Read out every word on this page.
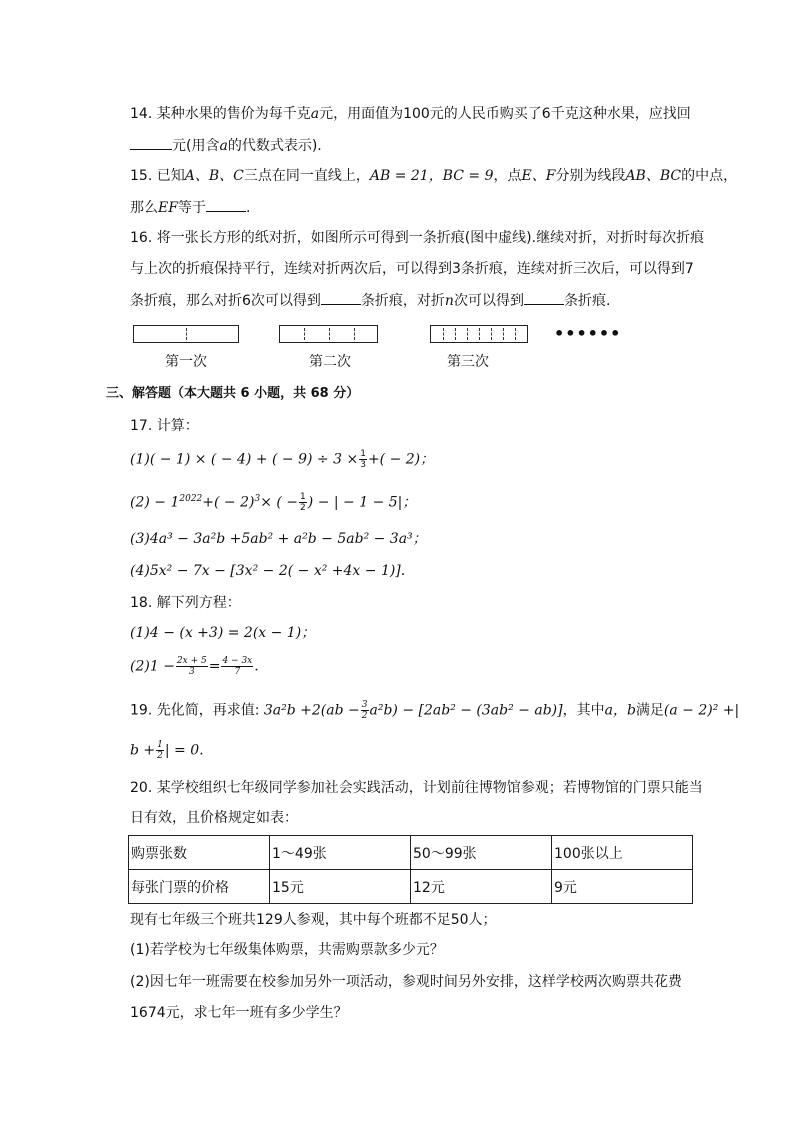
14. 某种水果的售价为每千克a元，用面值为100元的人民币购买了6千克这种水果，应找回
元(用含a的代数式表示).
15. 已知A、B、C三点在同一直线上，AB = 21，BC = 9，点E、F分别为线段AB、BC的中点，
那么EF等于	.
16. 将一张长方形的纸对折，如图所示可得到一条折痕(图中虚线).继续对折，对折时每次折痕
与上次的折痕保持平行，连续对折两次后，可以得到3条折痕，连续对折三次后，可以得到7
条折痕，那么对折6次可以得到	条折痕，对折n次可以得到	条折痕.
••••••
第一次	第二次	第三次
三、解答题（本大题共 6 小题，共 68 分）
17. 计算：
(1)( − 1) × ( − 4) + ( − $9) \div 3 \times \frac{1}{3}$ +( − 2)；
$(2) - 1^{2022}+( - 2)^3\times$ ( − $\frac{1}{2}$ ) − | − 1 − 5|；
(3)4a³ − 3a²b +5ab² + a²b − 5ab² − 3a³；
(4)5x² − 7x − [3x² − 2( − x² +4x − 1)].
18. 解下列方程：
(1)4 − (x +3) = 2(x − 1)；
$(2)1 - \frac{2x + 5}{3} = \frac{4 - 3x}{7}$ .
19. 先化简，再求值: $3a^2b +2(ab - \frac{3}{2} a^2b) - [2ab^2 - (3ab^2 - ab)]$，其中a，b满足(a − 2)² +|
$b + \frac{1}{2}$ | = 0.
20. 某学校组织七年级同学参加社会实践活动，计划前往博物馆参观；若博物馆的门票只能当
日有效，且价格规定如表：
购票张数	1～49张	50～99张	100张以上
每张门票的价格	15元	12元	9元
现有七年级三个班共129人参观，其中每个班都不足50人；
(1)若学校为七年级集体购票，共需购票款多少元？
(2)因七年一班需要在校参加另外一项活动，参观时间另外安排，这样学校两次购票共花费
1674元，求七年一班有多少学生？
